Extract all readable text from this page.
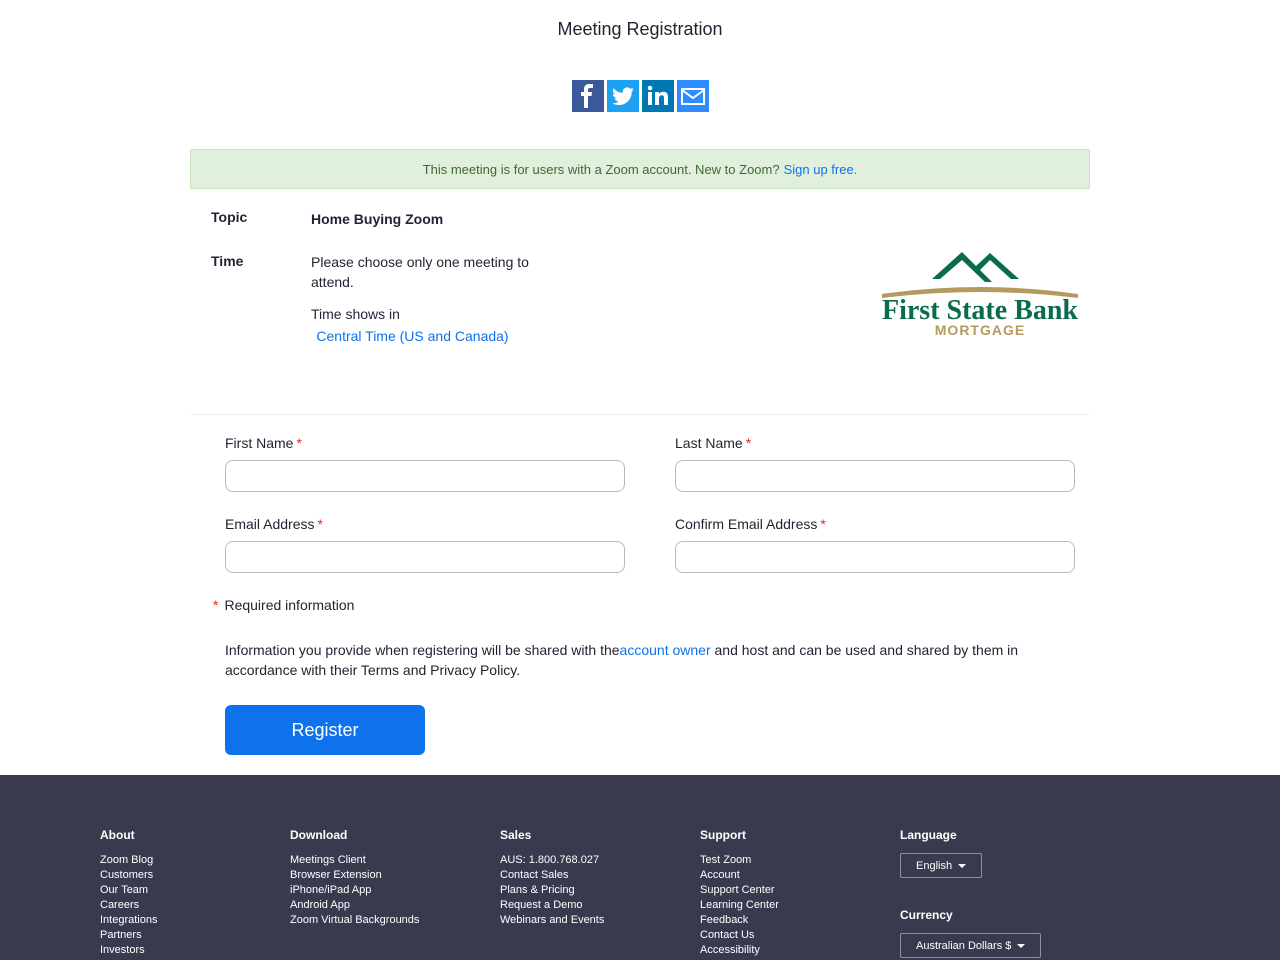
Meeting Registration
This meeting is for users with a Zoom account. New to Zoom? Sign up free.
Topic	Home Buying Zoom
Time	Please choose only one meeting to attend.
Time shows in
Central Time (US and Canada)
First State Bank
MORTGAGE
First Name *	Last Name *
Email Address *	Confirm Email Address *
* Required information
Information you provide when registering will be shared with theaccount owner and host and can be used and shared by them in accordance with their Terms and Privacy Policy.
Register
About
Zoom Blog
Customers
Our Team
Careers
Integrations
Partners
Investors
Download
Meetings Client
Browser Extension
iPhone/iPad App
Android App
Zoom Virtual Backgrounds
Sales
AUS: 1.800.768.027
Contact Sales
Plans & Pricing
Request a Demo
Webinars and Events
Support
Test Zoom
Account
Support Center
Learning Center
Feedback
Contact Us
Accessibility
Language
English
Currency
Australian Dollars $
